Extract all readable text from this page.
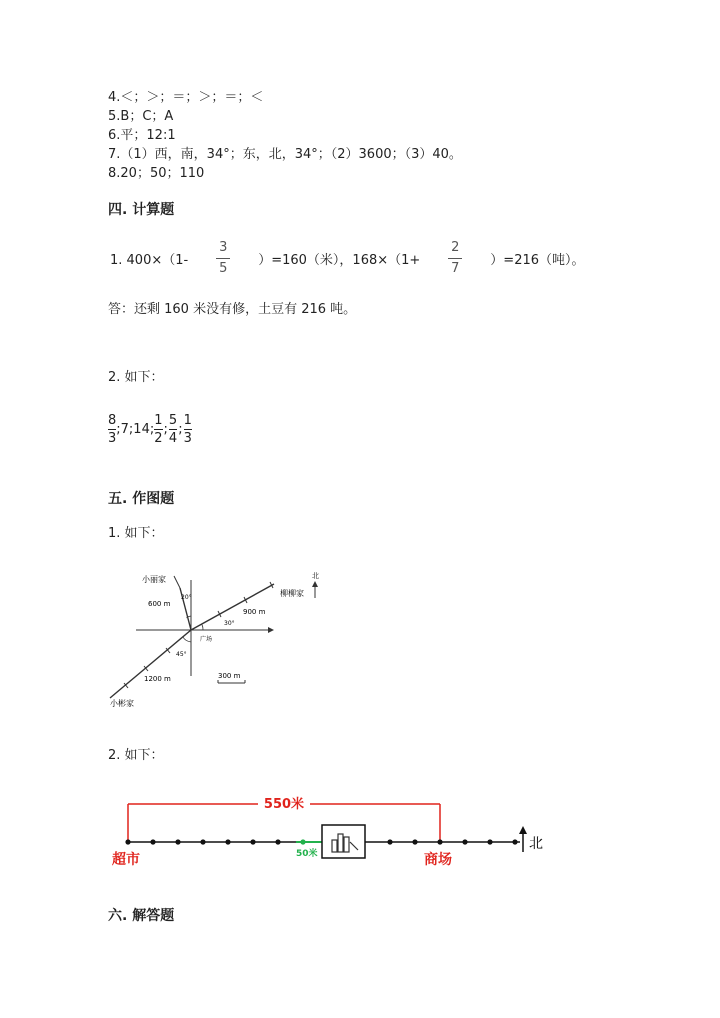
4.＜；＞；＝；＞；＝；＜
5.B；C；A
6.平；12:1
7.（1）西，南，34°；东，北，34°；（2）3600；（3）40。
8.20；50；110
四. 计算题
1. $400\times(1- \frac{3}{5} )=160$（米），$168\times(1+ \frac{2}{7} )=216$（吨）。
答：还剩 160 米没有修，土豆有 216 吨。
2. 如下：
$\frac{8}{3}$ ;7;14; $\frac{1}{2}$ ; $\frac{5}{4}$ ; $\frac{1}{3}$
五. 作图题
1. 如下：
小丽家
600 m
20°	柳柳家
900 m
30°
广场
45°
1200 m
小彬家
北
300 m
2. 如下：
550米
超市	50米	商场
北
六. 解答题
